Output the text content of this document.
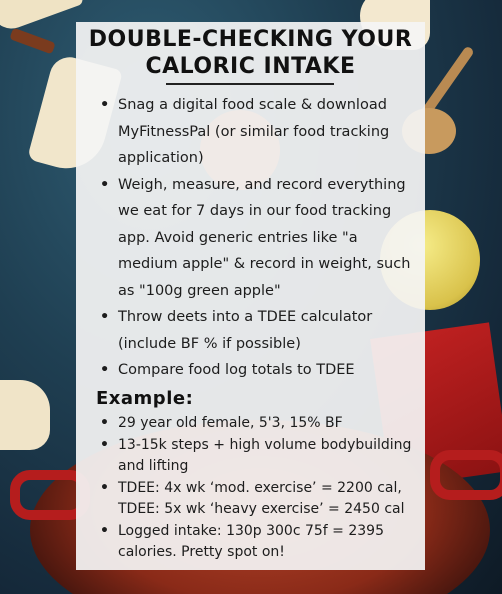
DOUBLE-CHECKING YOUR
CALORIC INTAKE
• Snag a digital food scale & download MyFitnessPal (or similar food tracking application)
• Weigh, measure, and record everything we eat for 7 days in our food tracking app. Avoid generic entries like "a medium apple" & record in weight, such as "100g green apple"
• Throw deets into a TDEE calculator (include BF % if possible)
• Compare food log totals to TDEE
Example:
• 29 year old female, 5'3, 15% BF
• 13-15k steps + high volume bodybuilding and lifting
• TDEE: 4x wk ‘mod. exercise’ = 2200 cal, TDEE: 5x wk ‘heavy exercise’ = 2450 cal
• Logged intake: 130p 300c 75f = 2395 calories. Pretty spot on!
